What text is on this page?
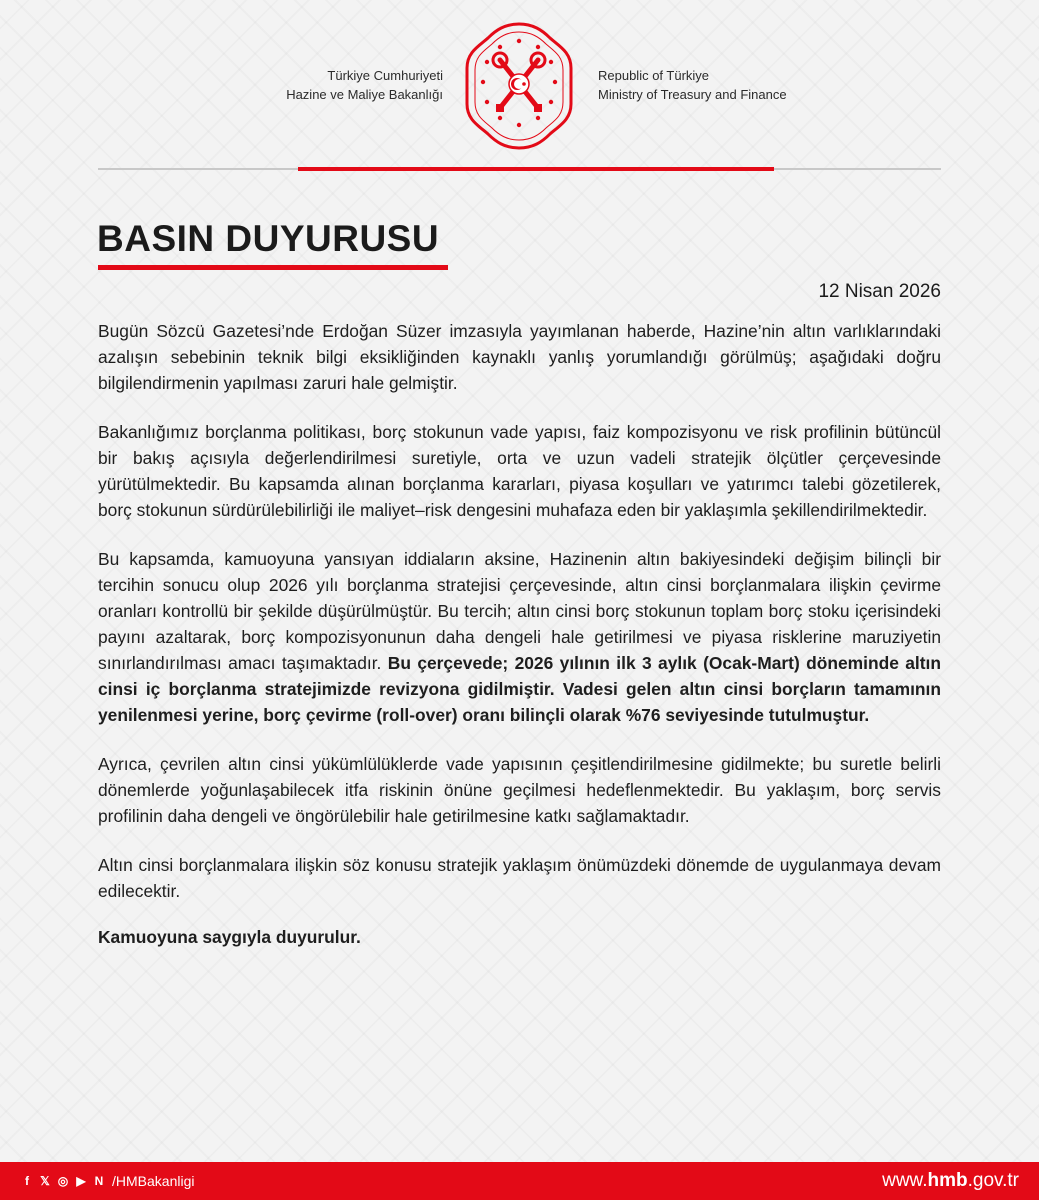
Türkiye Cumhuriyeti
Hazine ve Maliye Bakanlığı
Republic of Türkiye
Ministry of Treasury and Finance
BASIN DUYURUSU
12 Nisan 2026

Bugün Sözcü Gazetesi’nde Erdoğan Süzer imzasıyla yayımlanan haberde, Hazine’nin altın varlıklarındaki azalışın sebebinin teknik bilgi eksikliğinden kaynaklı yanlış yorumlandığı görülmüş; aşağıdaki doğru bilgilendirmenin yapılması zaruri hale gelmiştir.

Bakanlığımız borçlanma politikası, borç stokunun vade yapısı, faiz kompozisyonu ve risk profilinin bütüncül bir bakış açısıyla değerlendirilmesi suretiyle, orta ve uzun vadeli stratejik ölçütler çerçevesinde yürütülmektedir. Bu kapsamda alınan borçlanma kararları, piyasa koşulları ve yatırımcı talebi gözetilerek, borç stokunun sürdürülebilirliği ile maliyet–risk dengesini muhafaza eden bir yaklaşımla şekillendirilmektedir.

Bu kapsamda, kamuoyuna yansıyan iddiaların aksine, Hazinenin altın bakiyesindeki değişim bilinçli bir tercihin sonucu olup 2026 yılı borçlanma stratejisi çerçevesinde, altın cinsi borçlanmalara ilişkin çevirme oranları kontrollü bir şekilde düşürülmüştür. Bu tercih; altın cinsi borç stokunun toplam borç stoku içerisindeki payını azaltarak, borç kompozisyonunun daha dengeli hale getirilmesi ve piyasa risklerine maruziyetin sınırlandırılması amacı taşımaktadır. Bu çerçevede; 2026 yılının ilk 3 aylık (Ocak-Mart) döneminde altın cinsi iç borçlanma stratejimizde revizyona gidilmiştir. Vadesi gelen altın cinsi borçların tamamının yenilenmesi yerine, borç çevirme (roll-over) oranı bilinçli olarak %76 seviyesinde tutulmuştur.

Ayrıca, çevrilen altın cinsi yükümlülüklerde vade yapısının çeşitlendirilmesine gidilmekte; bu suretle belirli dönemlerde yoğunlaşabilecek itfa riskinin önüne geçilmesi hedeflenmektedir. Bu yaklaşım, borç servis profilinin daha dengeli ve öngörülebilir hale getirilmesine katkı sağlamaktadır.

Altın cinsi borçlanmalara ilişkin söz konusu stratejik yaklaşım önümüzdeki dönemde de uygulanmaya devam edilecektir.

Kamuoyuna saygıyla duyurulur.

f 𝕏 ◎ ▶ N /HMBakanligi	www.hmb.gov.tr
